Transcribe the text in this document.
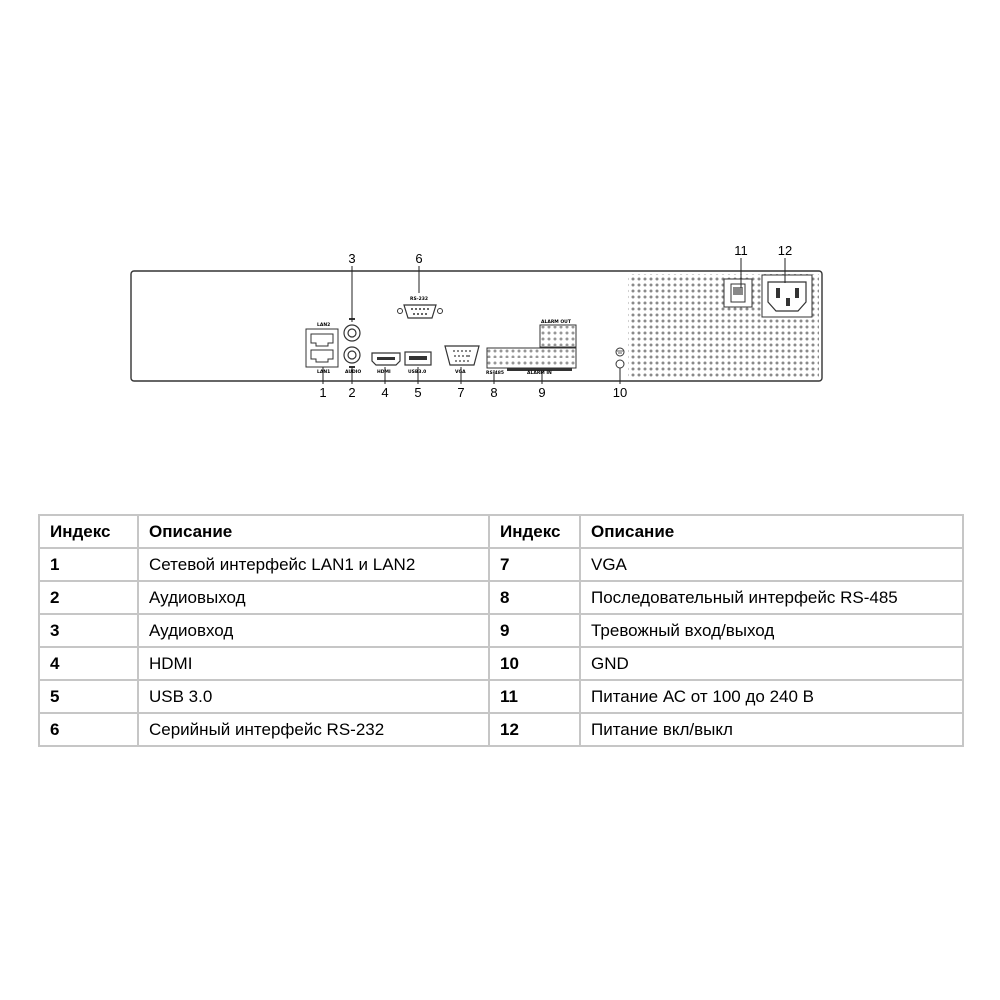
LAN2
LAN1	AUDIO	HDMI	USB3.0
RS-232
VGA
ALARM OUT
RS-485	ALARM IN
1 2
3
4 5
6
7 8	9	10
11 12
Индекс	Описание	Индекс	Описание
1	Сетевой интерфейс LAN1 и LAN2	7	VGA
2	Аудиовыход	8	Последовательный интерфейс RS-485
3	Аудиовход	9	Тревожный вход/выход
4	HDMI	10	GND
5	USB 3.0	11	Питание АС от 100 до 240 В
6	Серийный интерфейс RS-232	12	Питание вкл/выкл
